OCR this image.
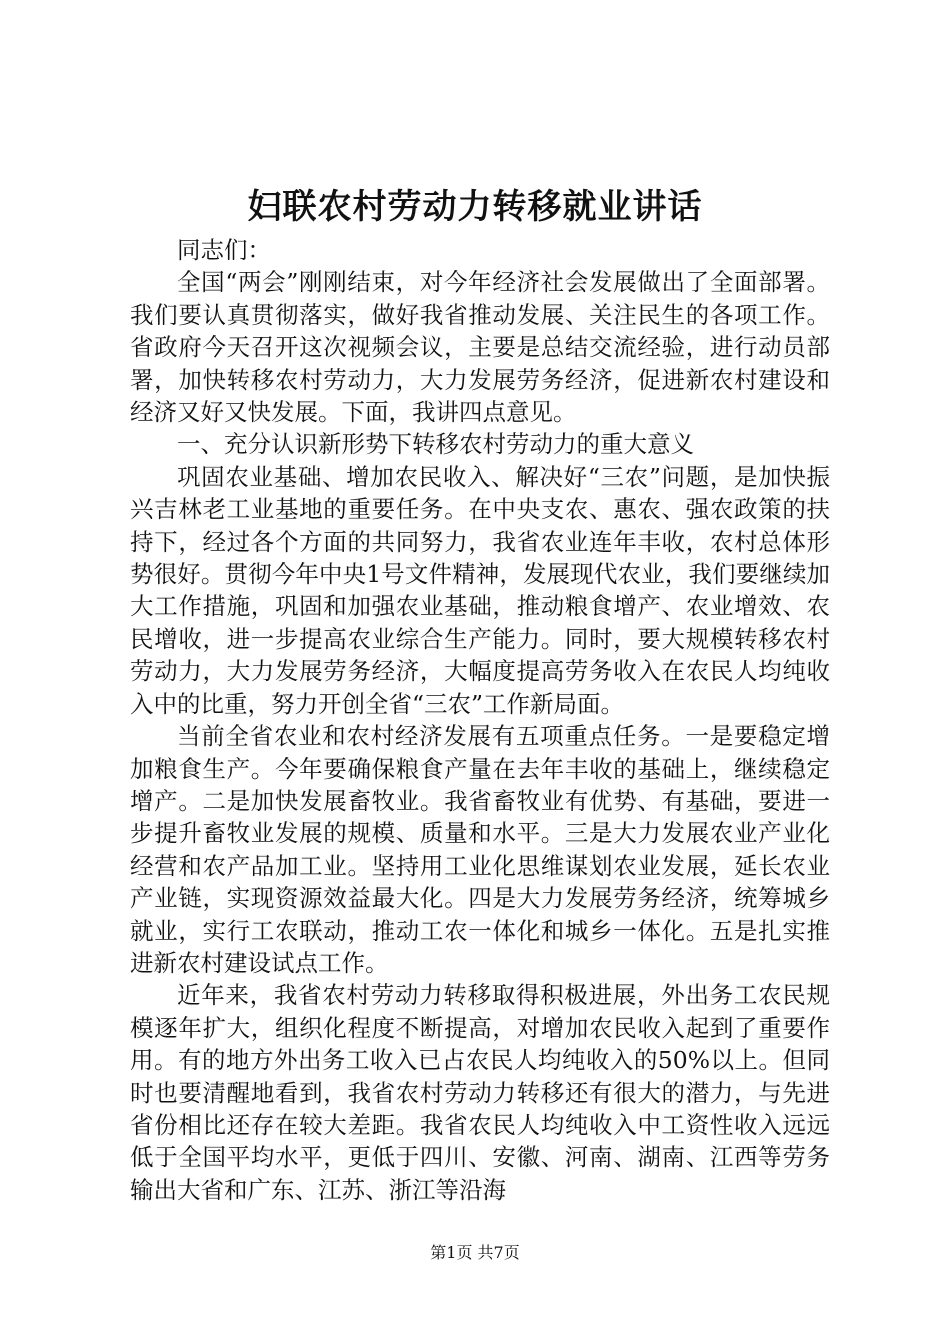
妇联农村劳动力转移就业讲话

同志们：

全国“两会”刚刚结束，对今年经济社会发展做出了全面部署。我们要认真贯彻落实，做好我省推动发展、关注民生的各项工作。省政府今天召开这次视频会议，主要是总结交流经验，进行动员部署，加快转移农村劳动力，大力发展劳务经济，促进新农村建设和经济又好又快发展。下面，我讲四点意见。

一、充分认识新形势下转移农村劳动力的重大意义

巩固农业基础、增加农民收入、解决好“三农”问题，是加快振兴吉林老工业基地的重要任务。在中央支农、惠农、强农政策的扶持下，经过各个方面的共同努力，我省农业连年丰收，农村总体形势很好。贯彻今年中央1号文件精神，发展现代农业，我们要继续加大工作措施，巩固和加强农业基础，推动粮食增产、农业增效、农民增收，进一步提高农业综合生产能力。同时，要大规模转移农村劳动力，大力发展劳务经济，大幅度提高劳务收入在农民人均纯收入中的比重，努力开创全省“三农”工作新局面。

当前全省农业和农村经济发展有五项重点任务。一是要稳定增加粮食生产。今年要确保粮食产量在去年丰收的基础上，继续稳定增产。二是加快发展畜牧业。我省畜牧业有优势、有基础，要进一步提升畜牧业发展的规模、质量和水平。三是大力发展农业产业化经营和农产品加工业。坚持用工业化思维谋划农业发展，延长农业产业链，实现资源效益最大化。四是大力发展劳务经济，统筹城乡就业，实行工农联动，推动工农一体化和城乡一体化。五是扎实推进新农村建设试点工作。

近年来，我省农村劳动力转移取得积极进展，外出务工农民规模逐年扩大，组织化程度不断提高，对增加农民收入起到了重要作用。有的地方外出务工收入已占农民人均纯收入的50%以上。但同时也要清醒地看到，我省农村劳动力转移还有很大的潜力，与先进省份相比还存在较大差距。我省农民人均纯收入中工资性收入远远低于全国平均水平，更低于四川、安徽、河南、湖南、江西等劳务输出大省和广东、江苏、浙江等沿海

第1页 共7页
